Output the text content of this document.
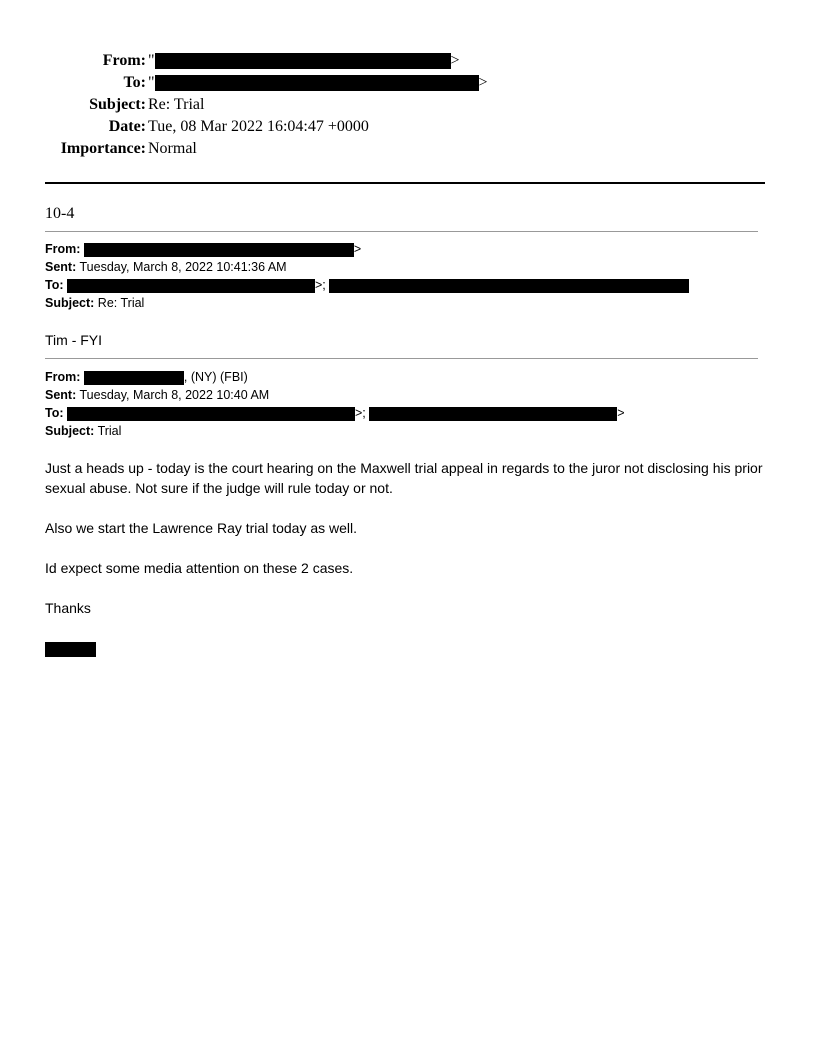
From: "	>
To: "	>
Subject: Re: Trial
Date: Tue, 08 Mar 2022 16:04:47 +0000
Importance: Normal
10-4
From:	>
Sent: Tuesday, March 8, 2022 10:41:36 AM
To:	>;
Subject: Re: Trial
Tim - FYI
From:	, (NY) (FBI)
Sent: Tuesday, March 8, 2022 10:40 AM
To:	>;	>
Subject: Trial
Just a heads up - today is the court hearing on the Maxwell trial appeal in regards to the juror not disclosing his prior sexual abuse. Not sure if the judge will rule today or not.
Also we start the Lawrence Ray trial today as well.
Id expect some media attention on these 2 cases.
Thanks
